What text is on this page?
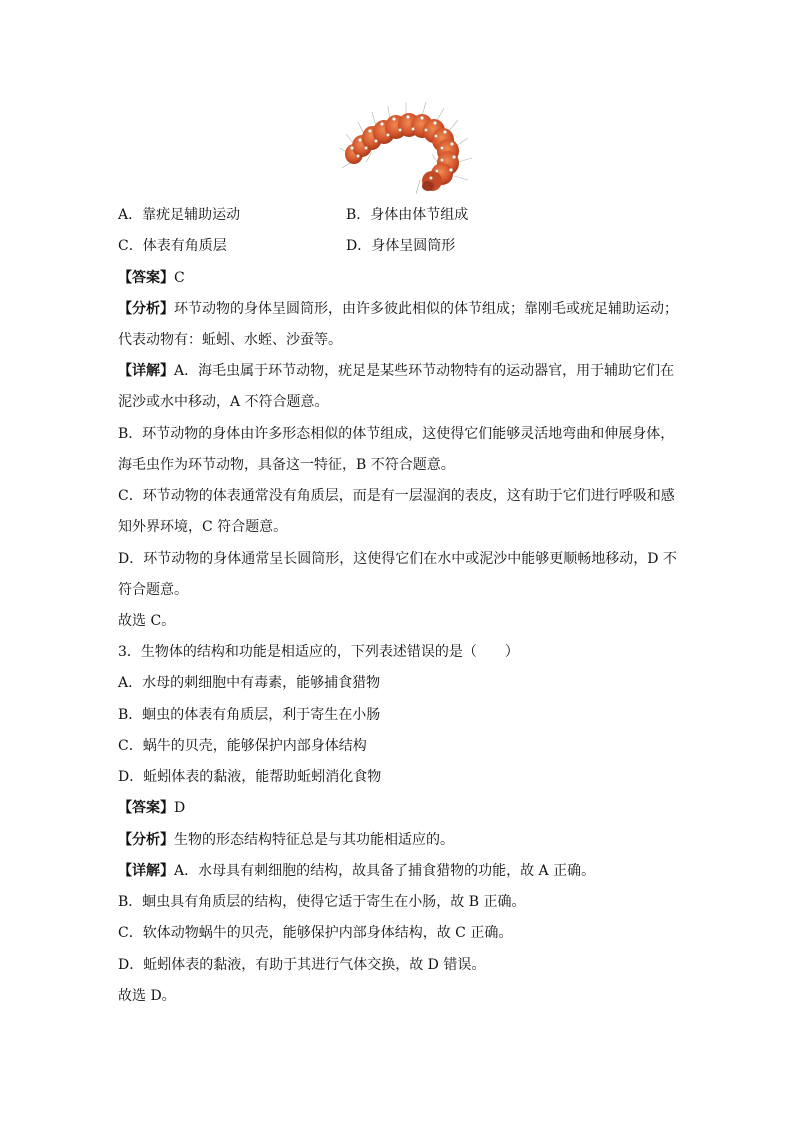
A．靠疣足辅助运动	B．身体由体节组成
C．体表有角质层	D．身体呈圆筒形
【答案】C
【分析】环节动物的身体呈圆筒形，由许多彼此相似的体节组成；靠刚毛或疣足辅助运动；
代表动物有：蚯蚓、水蛭、沙蚕等。
【详解】A．海毛虫属于环节动物，疣足是某些环节动物特有的运动器官，用于辅助它们在
泥沙或水中移动，A 不符合题意。
B．环节动物的身体由许多形态相似的体节组成，这使得它们能够灵活地弯曲和伸展身体，
海毛虫作为环节动物，具备这一特征，B 不符合题意。
C．环节动物的体表通常没有角质层，而是有一层湿润的表皮，这有助于它们进行呼吸和感
知外界环境，C 符合题意。
D．环节动物的身体通常呈长圆筒形，这使得它们在水中或泥沙中能够更顺畅地移动，D 不
符合题意。
故选 C。
3．生物体的结构和功能是相适应的，下列表述错误的是（　　）
A．水母的刺细胞中有毒素，能够捕食猎物
B．蛔虫的体表有角质层，利于寄生在小肠
C．蜗牛的贝壳，能够保护内部身体结构
D．蚯蚓体表的黏液，能帮助蚯蚓消化食物
【答案】D
【分析】生物的形态结构特征总是与其功能相适应的。
【详解】A．水母具有刺细胞的结构，故具备了捕食猎物的功能，故 A 正确。
B．蛔虫具有角质层的结构，使得它适于寄生在小肠，故 B 正确。
C．软体动物蜗牛的贝壳，能够保护内部身体结构，故 C 正确。
D．蚯蚓体表的黏液，有助于其进行气体交换，故 D 错误。
故选 D。
